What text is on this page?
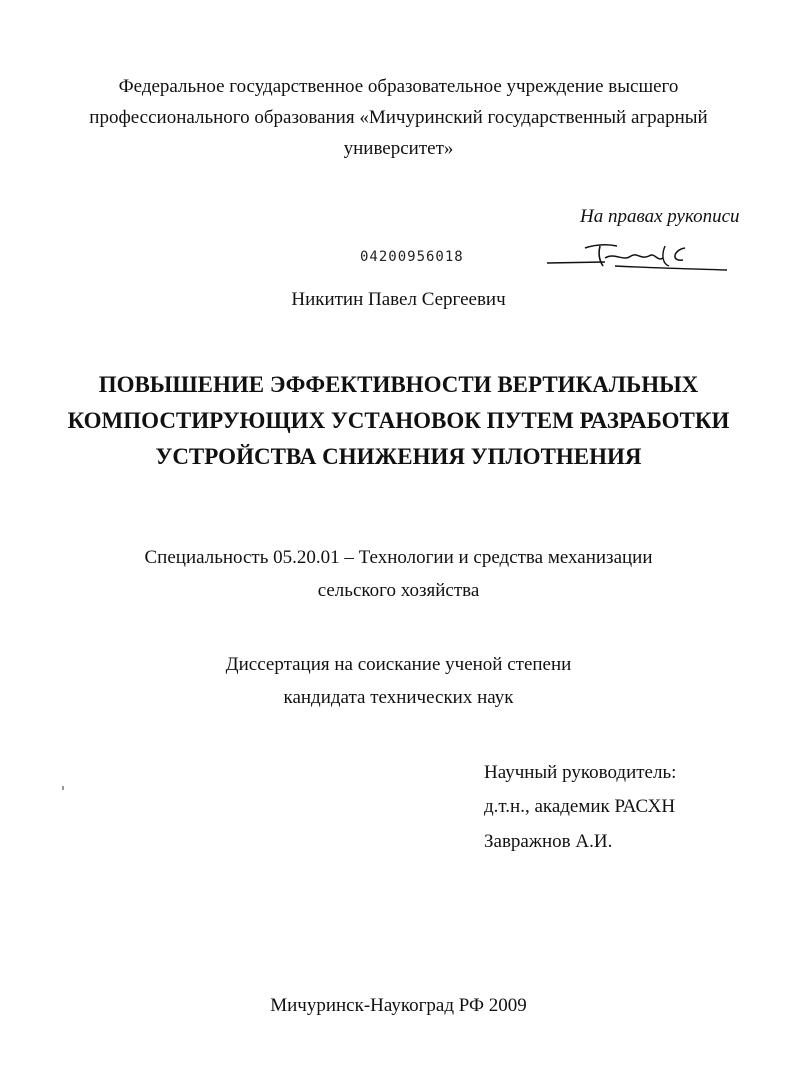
Федеральное государственное образовательное учреждение высшего
профессионального образования «Мичуринский государственный аграрный
университет»
На правах рукописи
04200956018
Никитин Павел Сергеевич
ПОВЫШЕНИЕ ЭФФЕКТИВНОСТИ ВЕРТИКАЛЬНЫХ
КОМПОСТИРУЮЩИХ УСТАНОВОК ПУТЕМ РАЗРАБОТКИ
УСТРОЙСТВА СНИЖЕНИЯ УПЛОТНЕНИЯ
Специальность 05.20.01 – Технологии и средства механизации
сельского хозяйства
Диссертация на соискание ученой степени
кандидата технических наук
Научный руководитель:
д.т.н., академик РАСХН
Завражнов А.И.
Мичуринск-Наукоград РФ 2009
